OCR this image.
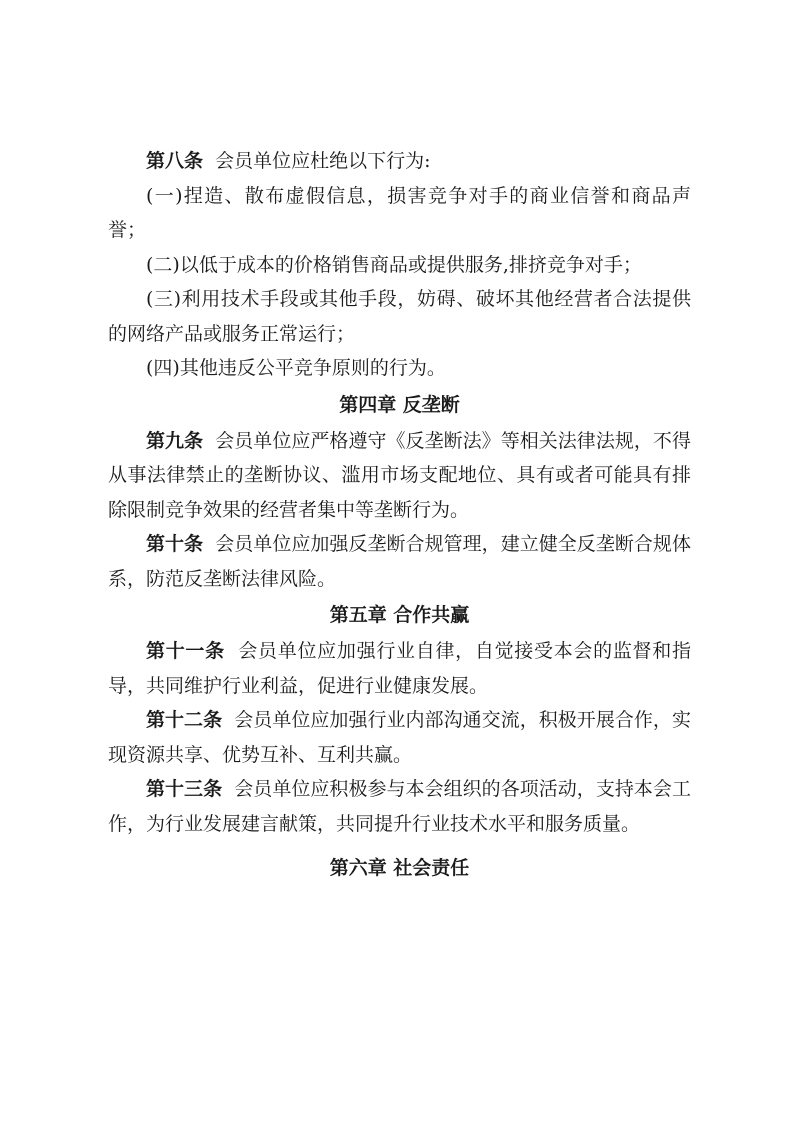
第八条 会员单位应杜绝以下行为:

(一)捏造、散布虚假信息，损害竞争对手的商业信誉和商品声誉；

(二)以低于成本的价格销售商品或提供服务,排挤竞争对手；

(三)利用技术手段或其他手段，妨碍、破坏其他经营者合法提供的网络产品或服务正常运行；

(四)其他违反公平竞争原则的行为。

第四章 反垄断

第九条 会员单位应严格遵守《反垄断法》等相关法律法规，不得从事法律禁止的垄断协议、滥用市场支配地位、具有或者可能具有排除限制竞争效果的经营者集中等垄断行为。

第十条 会员单位应加强反垄断合规管理，建立健全反垄断合规体系，防范反垄断法律风险。

第五章 合作共赢

第十一条 会员单位应加强行业自律，自觉接受本会的监督和指导，共同维护行业利益，促进行业健康发展。

第十二条 会员单位应加强行业内部沟通交流，积极开展合作，实现资源共享、优势互补、互利共赢。

第十三条 会员单位应积极参与本会组织的各项活动，支持本会工作，为行业发展建言献策，共同提升行业技术水平和服务质量。

第六章 社会责任
